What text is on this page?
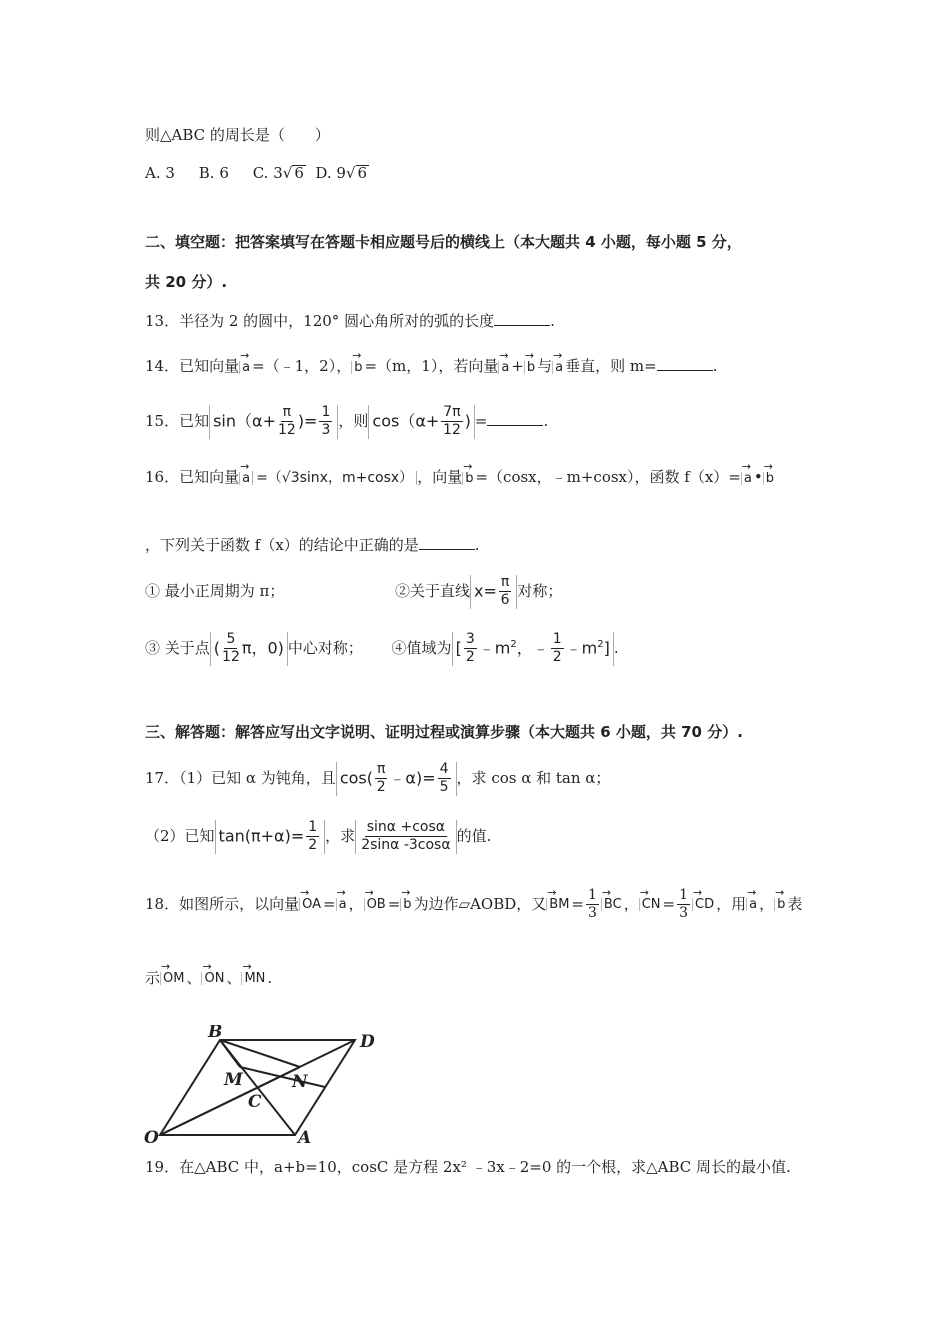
则△ABC 的周长是（　　）
A. 3 B. 6 C. 3√ 6 D. 9√ 6
二、填空题：把答案填写在答题卡相应题号后的横线上（本大题共 4 小题，每小题 5 分，
共 20 分）.
13．半径为 2 的圆中，120° 圆心角所对的弧的长度	.
14．已知向量 → a =（﹣1，2）， → b =（m，1），若向量 → a + → b 与 → a 垂直，则 m=	.
15．已知 $\sin(\alpha+ \frac{\pi}{12}$ )= $\frac{1}{3}$ ，则 $\cos(\alpha+ \frac{7\pi}{12}$ ) =	.
16．已知向量 → a =（√3sinx，m+cosx） ，向量 → b =（cosx，﹣m+cosx），函数 f（x）= → a • → b
，下列关于函数 f（x）的结论中正确的是	.
① 最小正周期为 π；	②关于直线 $x= \frac{\pi}{6}$ 对称；
③ 关于点 ( $\frac{5}{12}$ π，0) 中心对称； ④值域为 [ $\frac{3}{2}$ $﹣m^2$，﹣ $\frac{1}{2}$ $﹣m^2$] .
三、解答题：解答应写出文字说明、证明过程或演算步骤（本大题共 6 小题，共 70 分）.
17．（1）已知 α 为钝角，且 $\cos( \frac{\pi}{2}$ ﹣α)= $\frac{4}{5}$ ，求 cos α 和 tan α；
（2）已知 $\tan(\pi+\alpha)= \frac{1}{2}$ ，求 $\frac{\sin\alpha +\cos\alpha}{2\sin\alpha -3\cos\alpha}$ 的值.
18．如图所示，以向量 → OA = → a ， → OB = → b 为边作▱AOBD，又 → BM = $\frac{1}{3}$ → BC ， → CN = $\frac{1}{3}$ → CD ，用 → a ， → b 表
示 → OM 、 → ON 、 → MN .
B	D
M	N
C
O	A
19．在△ABC 中，a+b=10，cosC 是方程 2x² ﹣3x﹣2=0 的一个根，求△ABC 周长的最小值.
